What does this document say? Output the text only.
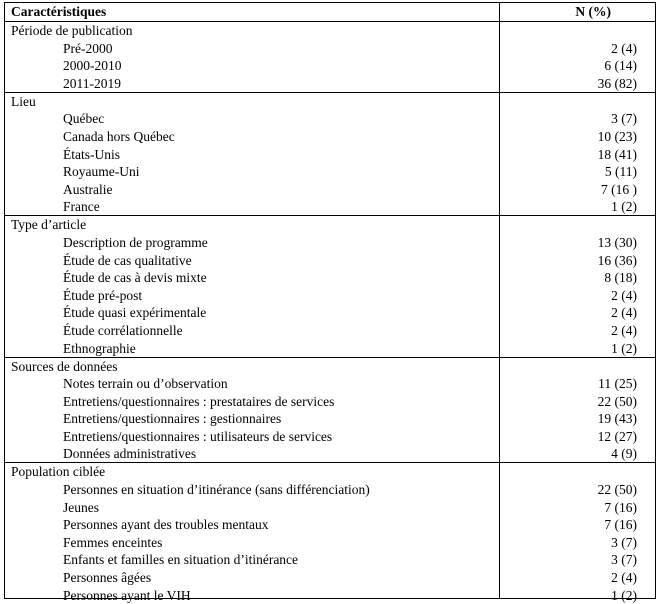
Caractéristiques	N (%)
Période de publication
Pré-2000	2 (4)
2000-2010	6 (14)
2011-2019	36 (82)
Lieu
Québec	3 (7)
Canada hors Québec	10 (23)
États-Unis	18 (41)
Royaume-Uni	5 (11)
Australie	7 (16 )
France	1 (2)
Type d’article
Description de programme	13 (30)
Étude de cas qualitative	16 (36)
Étude de cas à devis mixte	8 (18)
Étude pré-post	2 (4)
Étude quasi expérimentale	2 (4)
Étude corrélationnelle	2 (4)
Ethnographie	1 (2)
Sources de données
Notes terrain ou d’observation	11 (25)
Entretiens/questionnaires : prestataires de services	22 (50)
Entretiens/questionnaires : gestionnaires	19 (43)
Entretiens/questionnaires : utilisateurs de services	12 (27)
Données administratives	4 (9)
Population ciblée
Personnes en situation d’itinérance (sans différenciation)	22 (50)
Jeunes	7 (16)
Personnes ayant des troubles mentaux	7 (16)
Femmes enceintes	3 (7)
Enfants et familles en situation d’itinérance	3 (7)
Personnes âgées	2 (4)
Personnes ayant le VIH	1 (2)
